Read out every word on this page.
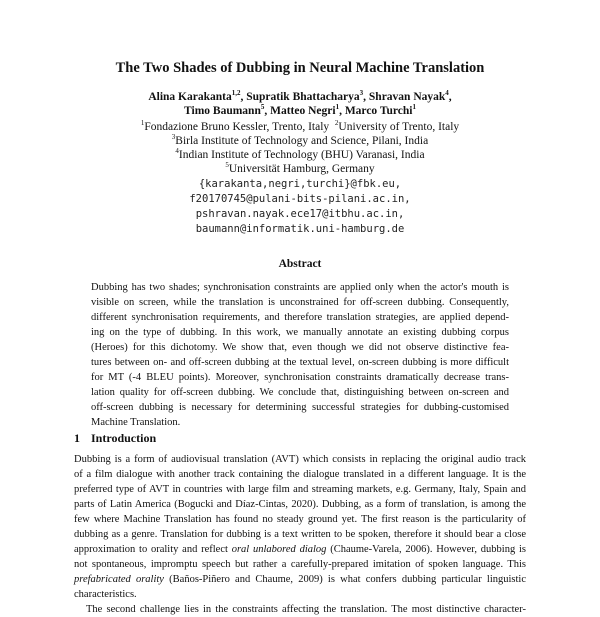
The Two Shades of Dubbing in Neural Machine Translation
Alina Karakanta$^{1,2}$, Supratik Bhattacharya$^3$, Shravan Nayak$^4$,
Timo Baumann$^5$, Matteo Negri$^1$, Marco Turchi$^1$
$^1$Fondazione Bruno Kessler, Trento, Italy  $^2$University of Trento, Italy
$^3$Birla Institute of Technology and Science, Pilani, India
$^4$Indian Institute of Technology (BHU) Varanasi, India
$^5$Universität Hamburg, Germany
{karakanta,negri,turchi}@fbk.eu,
f20170745@pulani-bits-pilani.ac.in,
pshravan.nayak.ece17@itbhu.ac.in,
baumann@informatik.uni-hamburg.de
Abstract
Dubbing has two shades; synchronisation constraints are applied only when the actor's mouth is
visible on screen, while the translation is unconstrained for off-screen dubbing. Consequently,
different synchronisation requirements, and therefore translation strategies, are applied depend-
ing on the type of dubbing. In this work, we manually annotate an existing dubbing corpus
(Heroes) for this dichotomy. We show that, even though we did not observe distinctive fea-
tures between on- and off-screen dubbing at the textual level, on-screen dubbing is more difficult
for MT (-4 BLEU points). Moreover, synchronisation constraints dramatically decrease trans-
lation quality for off-screen dubbing. We conclude that, distinguishing between on-screen and
off-screen dubbing is necessary for determining successful strategies for dubbing-customised
Machine Translation.
1 Introduction

Dubbing is a form of audiovisual translation (AVT) which consists in replacing the original audio track
of a film dialogue with another track containing the dialogue translated in a different language. It is the
preferred type of AVT in countries with large film and streaming markets, e.g. Germany, Italy, Spain and
parts of Latin America (Bogucki and Díaz-Cintas, 2020). Dubbing, as a form of translation, is among the
few where Machine Translation has found no steady ground yet. The first reason is the particularity of
dubbing as a genre. Translation for dubbing is a text written to be spoken, therefore it should bear a close
approximation to orality and reflect oral unlabored dialog (Chaume-Varela, 2006). However, dubbing is
not spontaneous, impromptu speech but rather a carefully-prepared imitation of spoken language. This
prefabricated orality (Baños-Piñero and Chaume, 2009) is what confers dubbing particular linguistic
characteristics.

The second challenge lies in the constraints affecting the translation. The most distinctive character-
